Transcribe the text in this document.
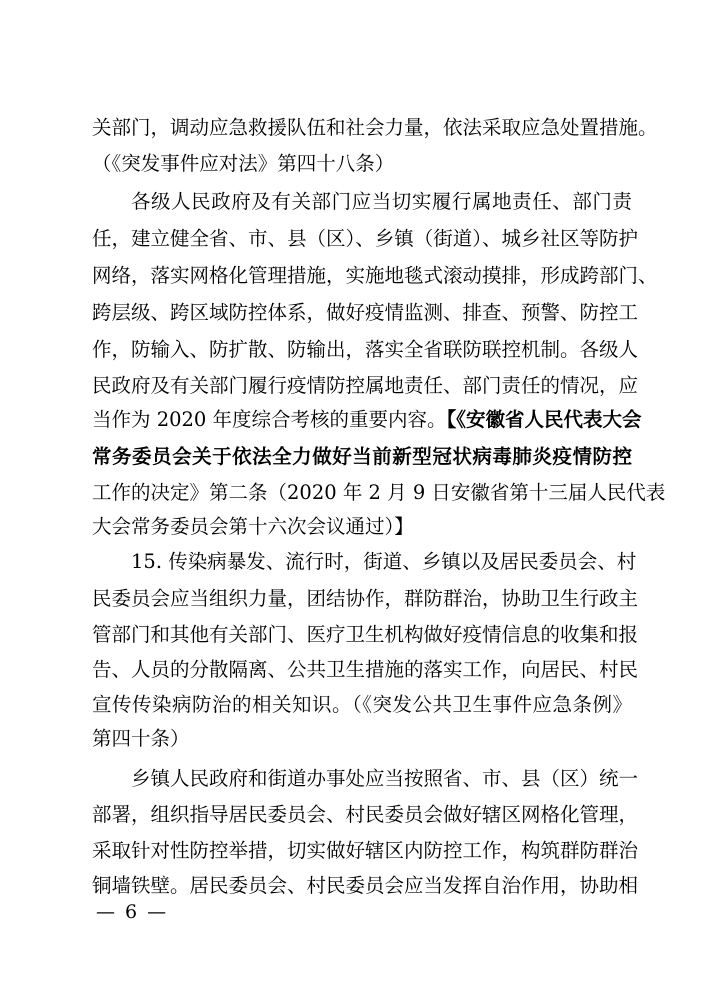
关部门，调动应急救援队伍和社会力量，依法采取应急处置措施。
（《突发事件应对法》第四十八条）
各级人民政府及有关部门应当切实履行属地责任、部门责
任，建立健全省、市、县（区）、乡镇（街道）、城乡社区等防护
网络，落实网格化管理措施，实施地毯式滚动摸排，形成跨部门、
跨层级、跨区域防控体系，做好疫情监测、排查、预警、防控工
作，防输入、防扩散、防输出，落实全省联防联控机制。各级人
民政府及有关部门履行疫情防控属地责任、部门责任的情况，应
当作为 2020 年度综合考核的重要内容。【《安徽省人民代表大会
常务委员会关于依法全力做好当前新型冠状病毒肺炎疫情防控
工作的决定》第二条（2020 年 2 月 9 日安徽省第十三届人民代表
大会常务委员会第十六次会议通过）】
15. 传染病暴发、流行时，街道、乡镇以及居民委员会、村
民委员会应当组织力量，团结协作，群防群治，协助卫生行政主
管部门和其他有关部门、医疗卫生机构做好疫情信息的收集和报
告、人员的分散隔离、公共卫生措施的落实工作，向居民、村民
宣传传染病防治的相关知识。（《突发公共卫生事件应急条例》
第四十条）
乡镇人民政府和街道办事处应当按照省、市、县（区）统一
部署，组织指导居民委员会、村民委员会做好辖区网格化管理，
采取针对性防控举措，切实做好辖区内防控工作，构筑群防群治
铜墙铁壁。居民委员会、村民委员会应当发挥自治作用，协助相
— 6 —
